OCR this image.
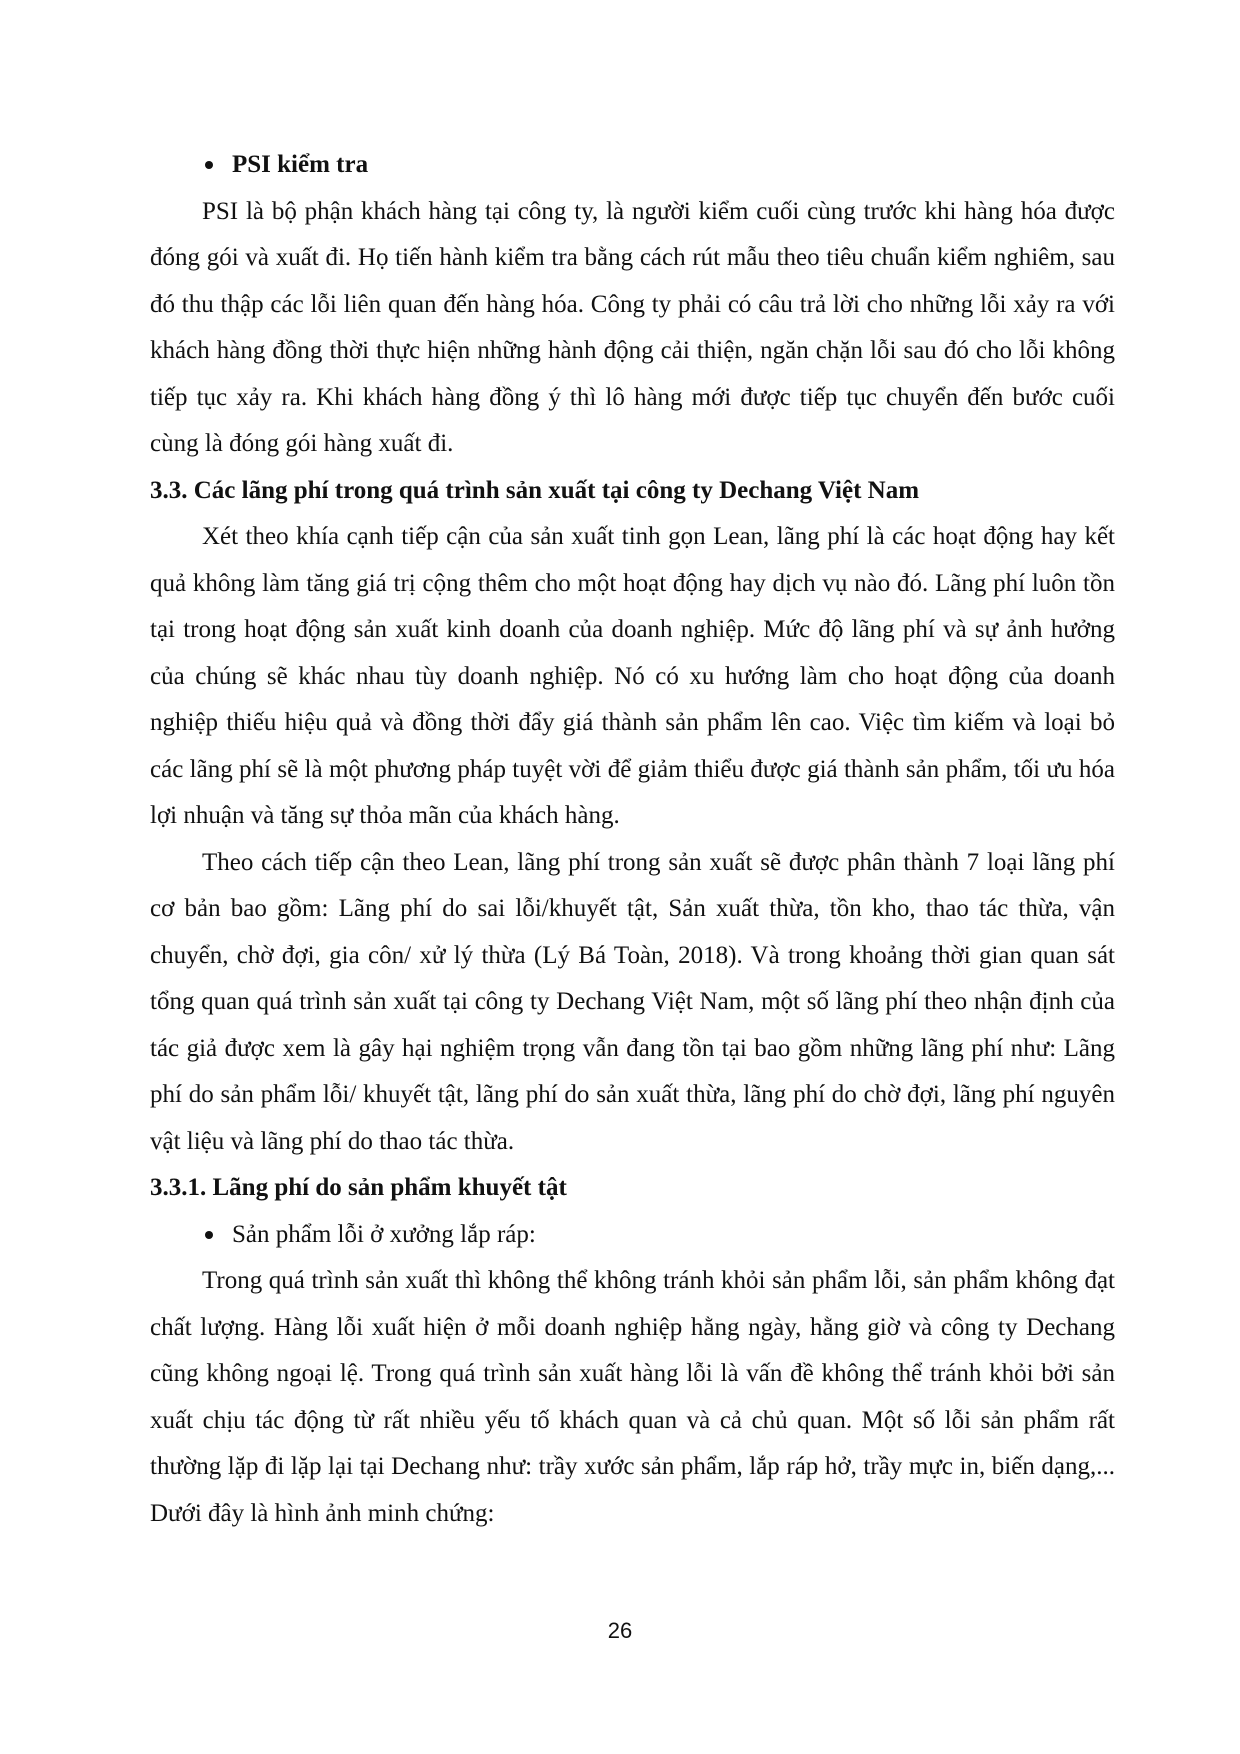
PSI kiểm tra

PSI là bộ phận khách hàng tại công ty, là người kiểm cuối cùng trước khi hàng hóa được đóng gói và xuất đi. Họ tiến hành kiểm tra bằng cách rút mẫu theo tiêu chuẩn kiểm nghiêm, sau đó thu thập các lỗi liên quan đến hàng hóa. Công ty phải có câu trả lời cho những lỗi xảy ra với khách hàng đồng thời thực hiện những hành động cải thiện, ngăn chặn lỗi sau đó cho lỗi không tiếp tục xảy ra. Khi khách hàng đồng ý thì lô hàng mới được tiếp tục chuyển đến bước cuối cùng là đóng gói hàng xuất đi.

3.3. Các lãng phí trong quá trình sản xuất tại công ty Dechang Việt Nam

Xét theo khía cạnh tiếp cận của sản xuất tinh gọn Lean, lãng phí là các hoạt động hay kết quả không làm tăng giá trị cộng thêm cho một hoạt động hay dịch vụ nào đó. Lãng phí luôn tồn tại trong hoạt động sản xuất kinh doanh của doanh nghiệp. Mức độ lãng phí và sự ảnh hưởng của chúng sẽ khác nhau tùy doanh nghiệp. Nó có xu hướng làm cho hoạt động của doanh nghiệp thiếu hiệu quả và đồng thời đẩy giá thành sản phẩm lên cao. Việc tìm kiếm và loại bỏ các lãng phí sẽ là một phương pháp tuyệt vời để giảm thiểu được giá thành sản phẩm, tối ưu hóa lợi nhuận và tăng sự thỏa mãn của khách hàng.

Theo cách tiếp cận theo Lean, lãng phí trong sản xuất sẽ được phân thành 7 loại lãng phí cơ bản bao gồm: Lãng phí do sai lỗi/khuyết tật, Sản xuất thừa, tồn kho, thao tác thừa, vận chuyển, chờ đợi, gia côn/ xử lý thừa (Lý Bá Toàn, 2018). Và trong khoảng thời gian quan sát tổng quan quá trình sản xuất tại công ty Dechang Việt Nam, một số lãng phí theo nhận định của tác giả được xem là gây hại nghiệm trọng vẫn đang tồn tại bao gồm những lãng phí như: Lãng phí do sản phẩm lỗi/ khuyết tật, lãng phí do sản xuất thừa, lãng phí do chờ đợi, lãng phí nguyên vật liệu và lãng phí do thao tác thừa.

3.3.1. Lãng phí do sản phẩm khuyết tật
Sản phẩm lỗi ở xưởng lắp ráp:

Trong quá trình sản xuất thì không thể không tránh khỏi sản phẩm lỗi, sản phẩm không đạt chất lượng. Hàng lỗi xuất hiện ở mỗi doanh nghiệp hằng ngày, hằng giờ và công ty Dechang cũng không ngoại lệ. Trong quá trình sản xuất hàng lỗi là vấn đề không thể tránh khỏi bởi sản xuất chịu tác động từ rất nhiều yếu tố khách quan và cả chủ quan. Một số lỗi sản phẩm rất thường lặp đi lặp lại tại Dechang như: trầy xước sản phẩm, lắp ráp hở, trầy mực in, biến dạng,... Dưới đây là hình ảnh minh chứng:

26
